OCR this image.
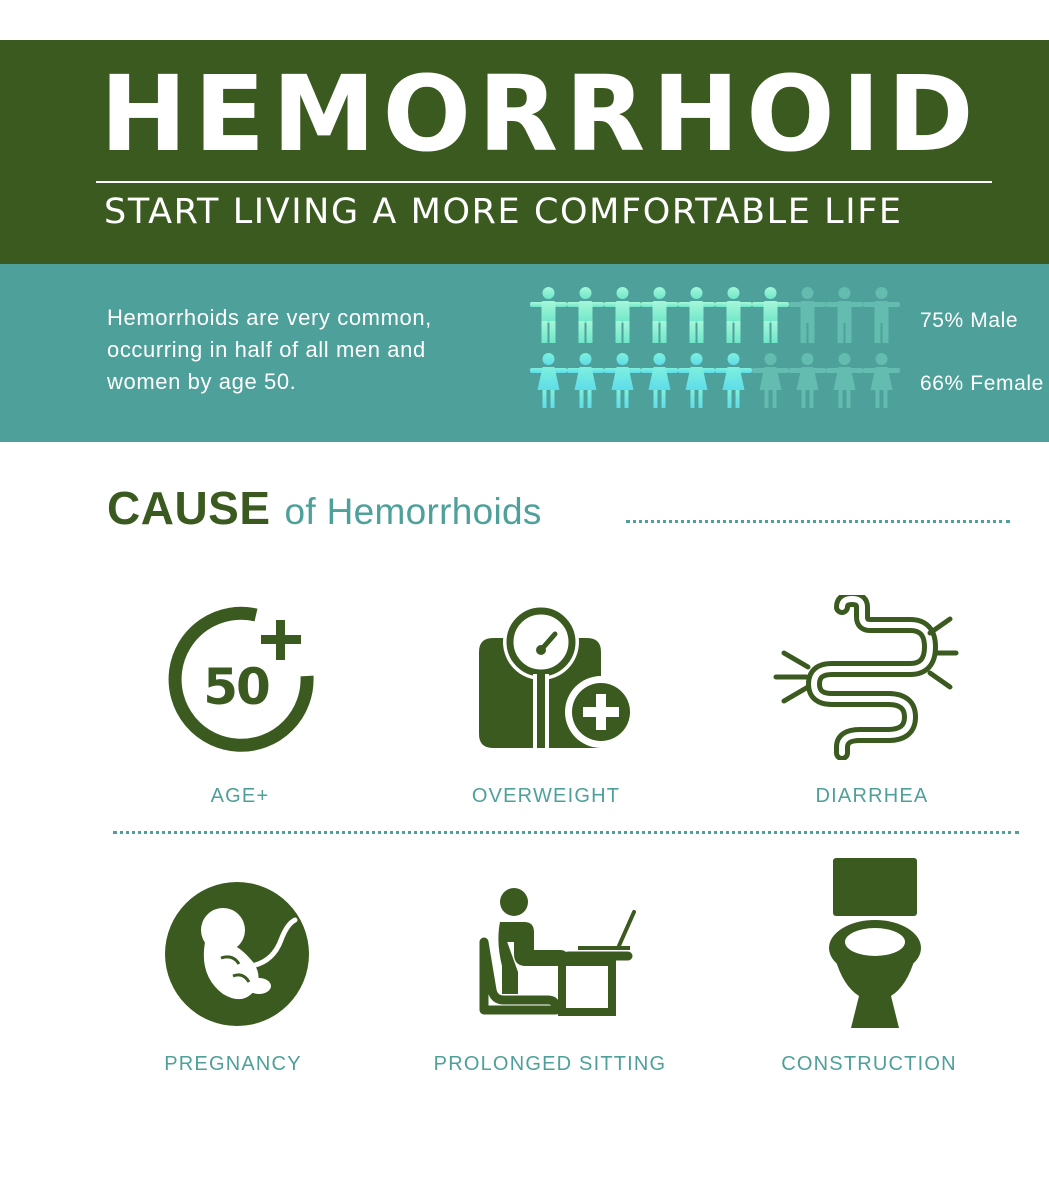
HEMORRHOID
START LIVING A MORE COMFORTABLE LIFE
Hemorrhoids are very common,
occurring in half of all men and
women by age 50.
75% Male
66% Female
CAUSE of Hemorrhoids
50
AGE+	OVERWEIGHT	DIARRHEA
PREGNANCY	PROLONGED SITTING	CONSTRUCTION
